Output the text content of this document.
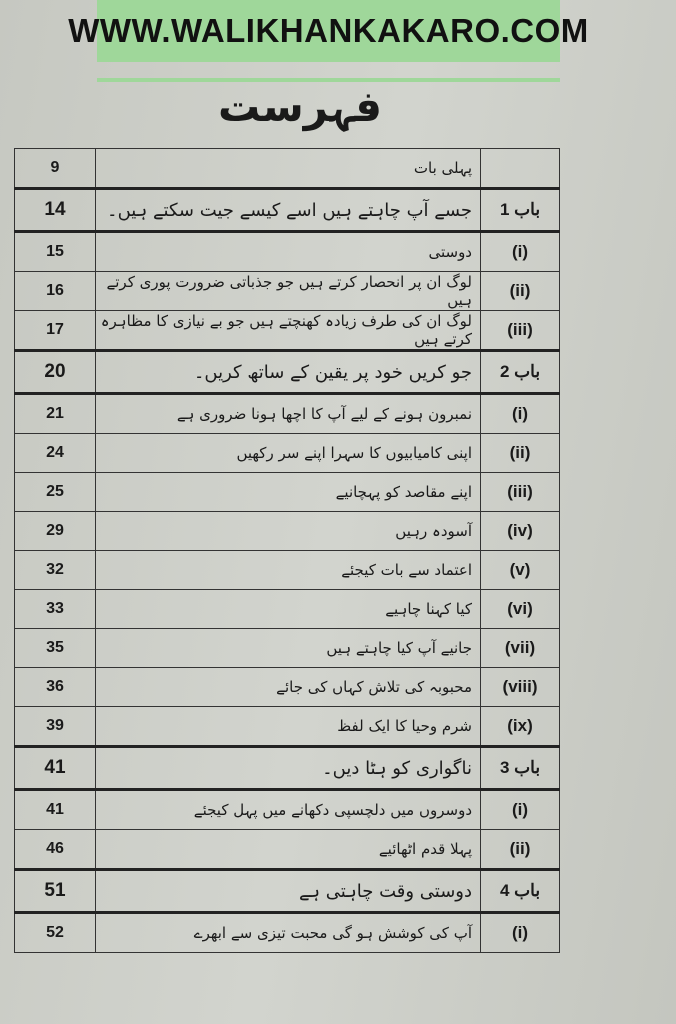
WWW.WALIKHANKAKARO.COM
فہرست
9	پہلی بات	
14	جسے آپ چاہتے ہیں اسے کیسے جیت سکتے ہیں۔	باب 1
15	دوستی	(i)
16	لوگ ان پر انحصار کرتے ہیں جو جذباتی ضرورت پوری کرتے ہیں	(ii)
17	لوگ ان کی طرف زیادہ کھنچتے ہیں جو بے نیازی کا مظاہرہ کرتے ہیں	(iii)
20	جو کریں خود پر یقین کے ساتھ کریں۔	باب 2
21	نمبرون ہونے کے لیے آپ کا اچھا ہونا ضروری ہے	(i)
24	اپنی کامیابیوں کا سہرا اپنے سر رکھیں	(ii)
25	اپنے مقاصد کو پہچانیے	(iii)
29	آسودہ رہیں	(iv)
32	اعتماد سے بات کیجئے	(v)
33	کیا کہنا چاہیے	(vi)
35	جانیے آپ کیا چاہتے ہیں	(vii)
36	محبوبہ کی تلاش کہاں کی جائے	(viii)
39	شرم وحیا کا ایک لفظ	(ix)
41	ناگواری کو ہٹا دیں۔	باب 3
41	دوسروں میں دلچسپی دکھانے میں پہل کیجئے	(i)
46	پہلا قدم اٹھائیے	(ii)
51	دوستی وقت چاہتی ہے	باب 4
52	آپ کی کوشش ہو گی محبت تیزی سے ابھرے	(i)
